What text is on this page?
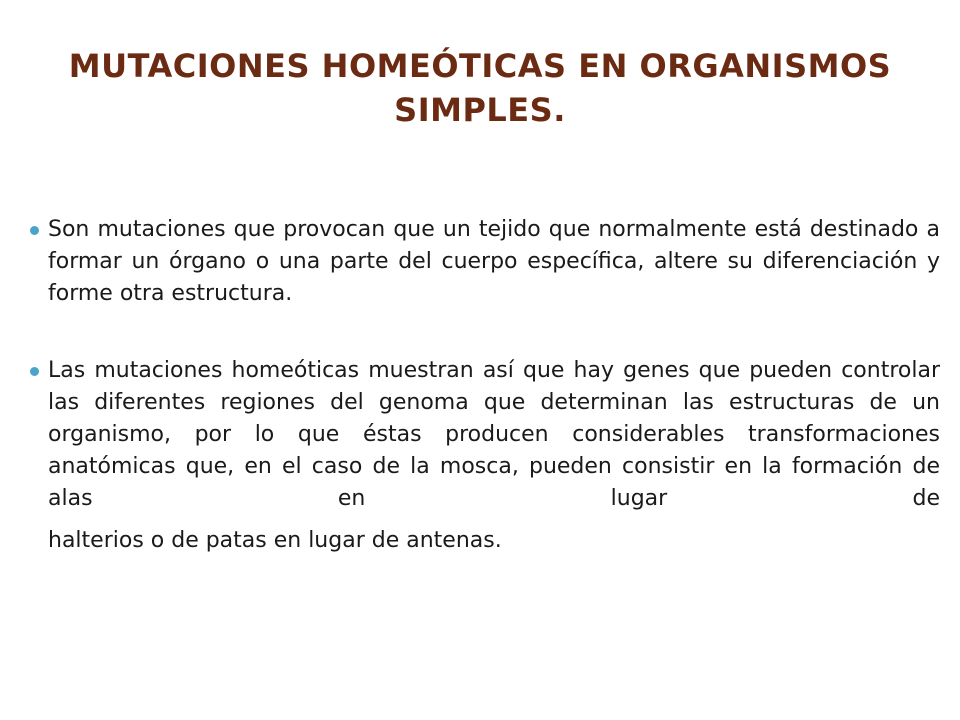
MUTACIONES HOMEÓTICAS EN ORGANISMOS SIMPLES.
Son mutaciones que provocan que un tejido que normalmente está destinado a formar un órgano o una parte del cuerpo específica, altere su diferenciación y forme otra estructura.
Las mutaciones homeóticas muestran así que hay genes que pueden controlar las diferentes regiones del genoma que determinan las estructuras de un organismo, por lo que éstas producen considerables transformaciones anatómicas que, en el caso de la mosca, pueden consistir en la formación de alas en lugar de
halterios o de patas en lugar de antenas.
